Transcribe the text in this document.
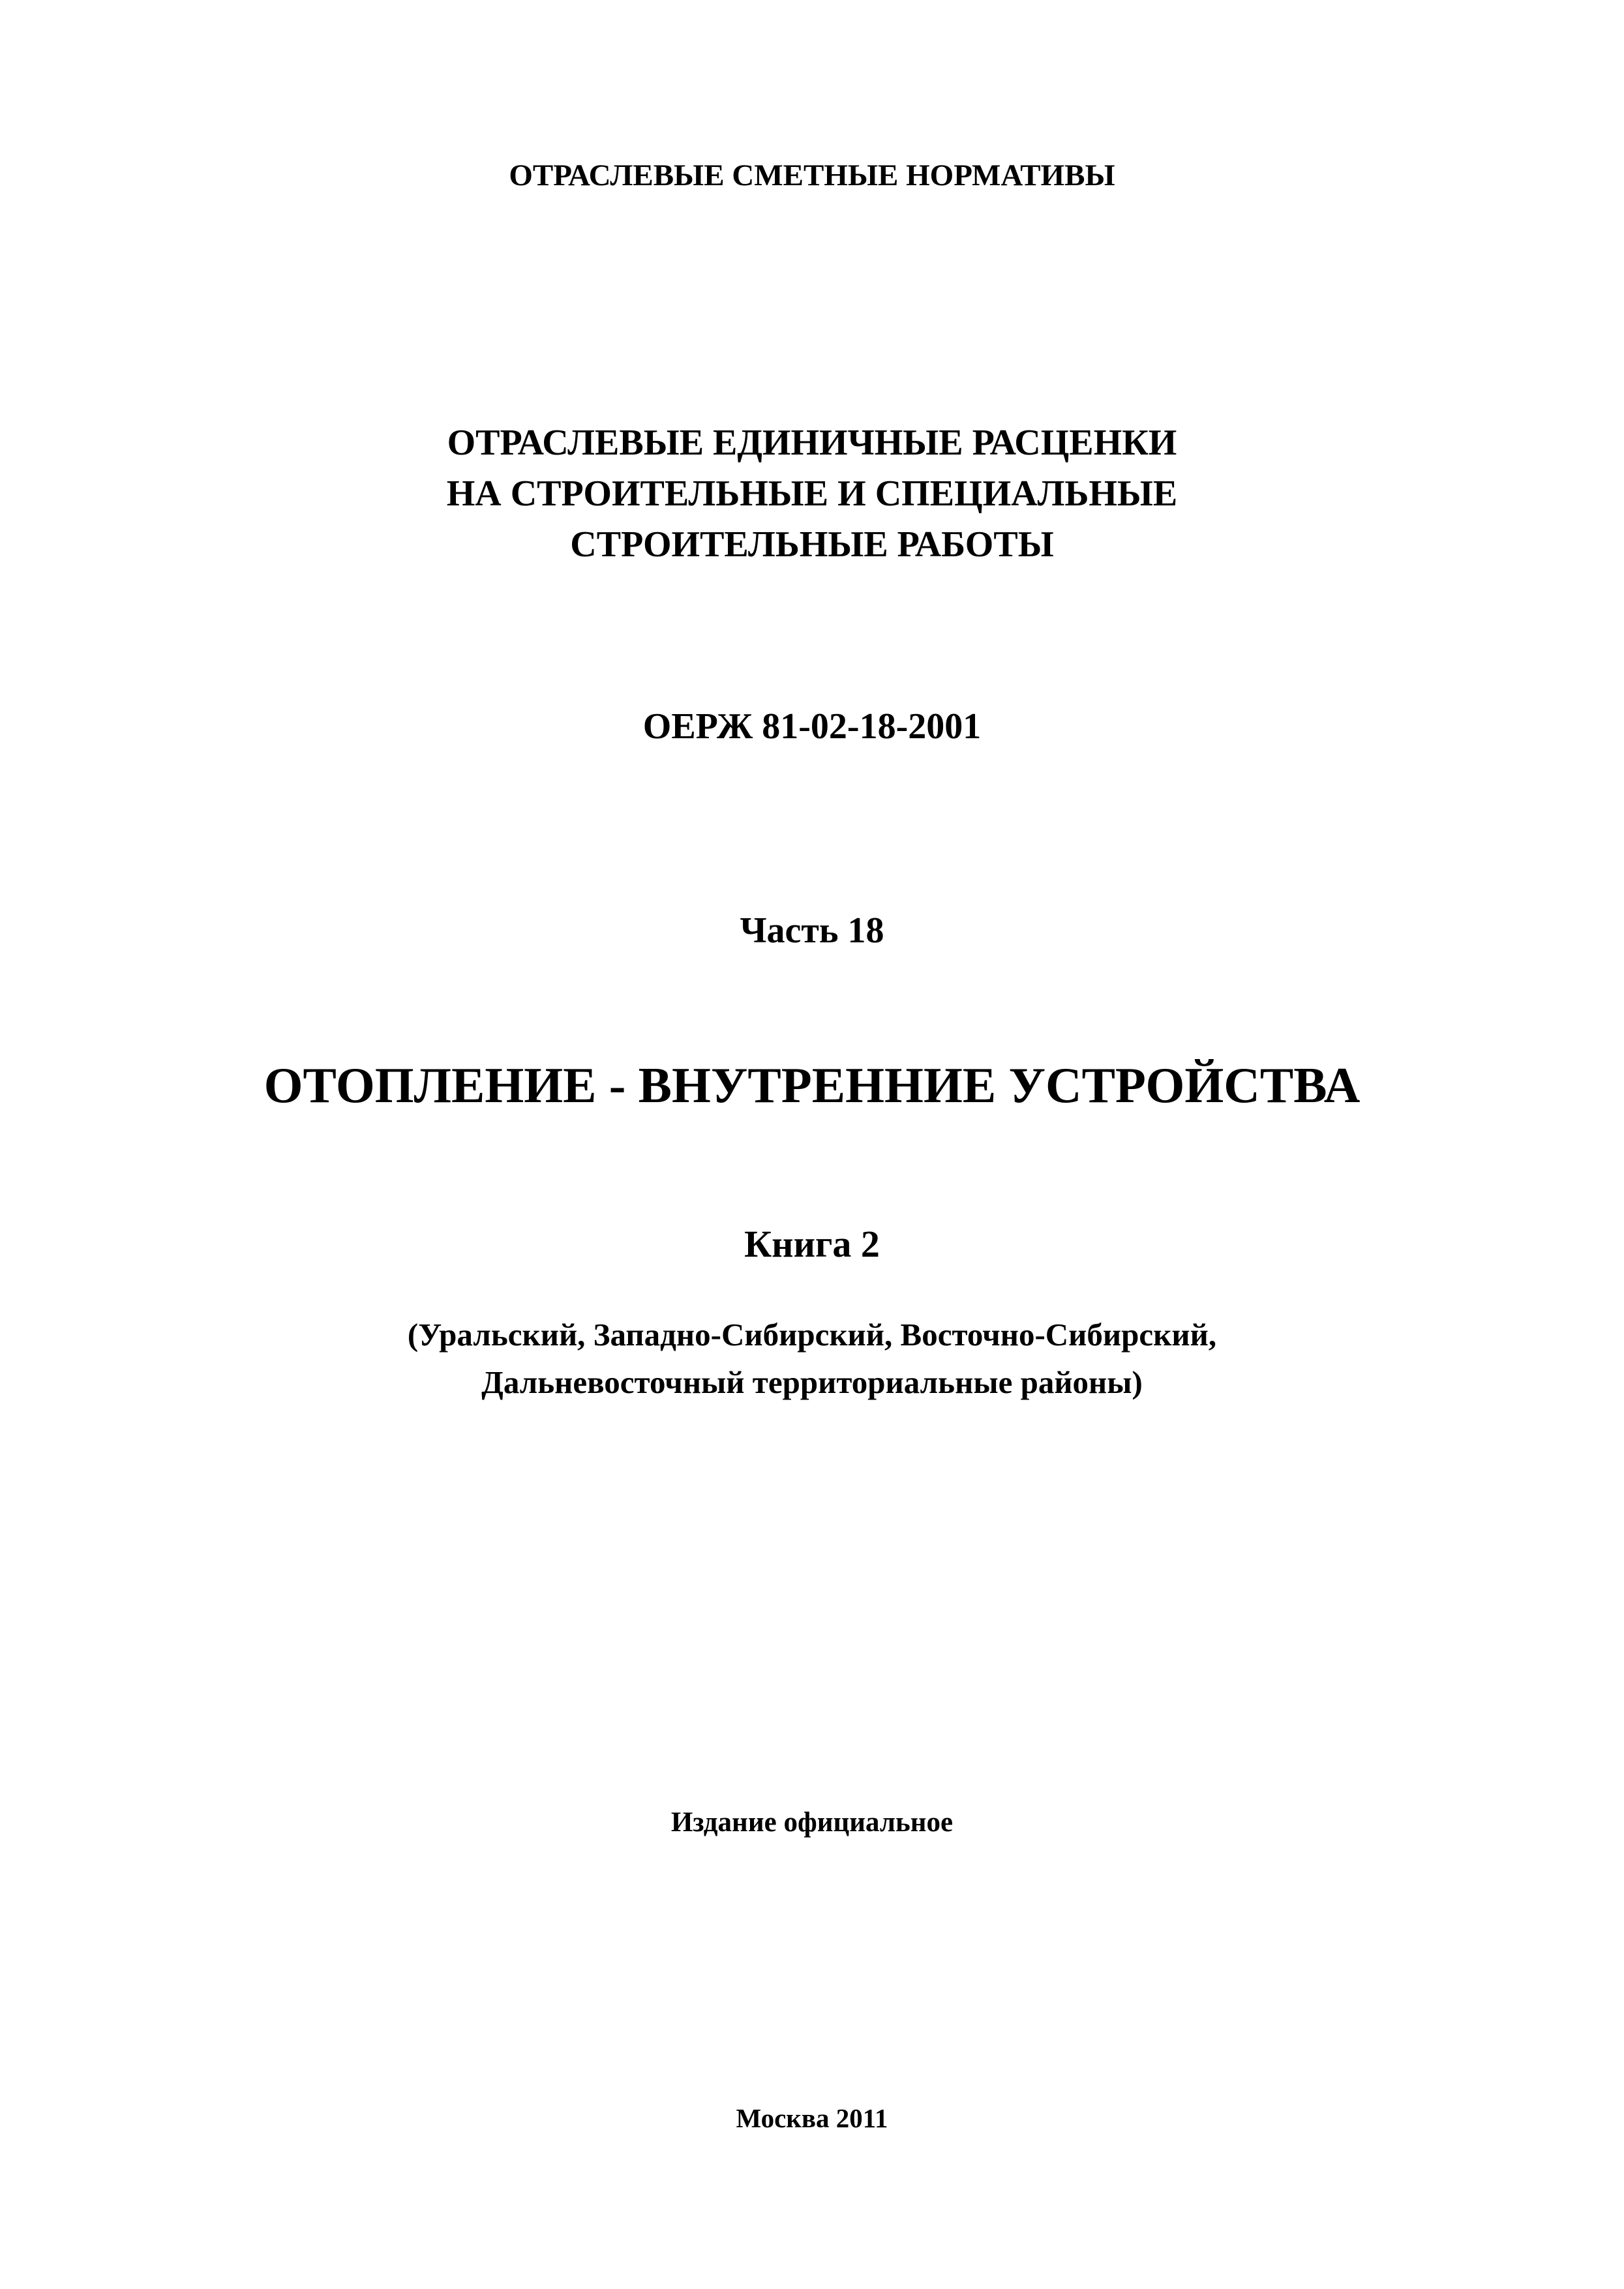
ОТРАСЛЕВЫЕ СМЕТНЫЕ НОРМАТИВЫ
ОТРАСЛЕВЫЕ ЕДИНИЧНЫЕ РАСЦЕНКИ
НА СТРОИТЕЛЬНЫЕ И СПЕЦИАЛЬНЫЕ
СТРОИТЕЛЬНЫЕ РАБОТЫ
ОЕРЖ 81-02-18-2001
Часть 18
ОТОПЛЕНИЕ - ВНУТРЕННИЕ УСТРОЙСТВА
Книга 2
(Уральский, Западно-Сибирский, Восточно-Сибирский,
Дальневосточный территориальные районы)
Издание официальное
Москва 2011
